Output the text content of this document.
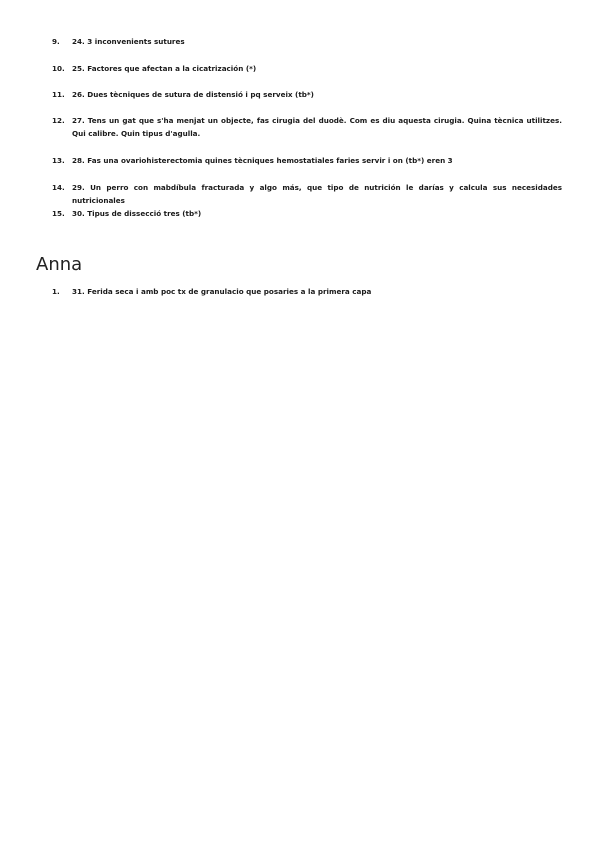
9.	24. 3 inconvenients sutures
10.	25. Factores que afectan a la cicatrización (*)
11.	26. Dues tècniques de sutura de distensió i pq serveix (tb*)
12.	27. Tens un gat que s'ha menjat un objecte, fas cirugia del duodè. Com es diu aquesta cirugia. Quina tècnica utilitzes. Qui calibre. Quin tipus d'agulla.
13.	28. Fas una ovariohisterectomia quines tècniques hemostatiales faries servir i on (tb*) eren 3
14.	29. Un perro con mabdíbula fracturada y algo más, que tipo de nutrición le darías y calcula sus necesidades nutricionales
15.	30. Tipus de dissecció tres (tb*)
Anna
1.	31. Ferida seca i amb poc tx de granulacio que posaries a la primera capa
